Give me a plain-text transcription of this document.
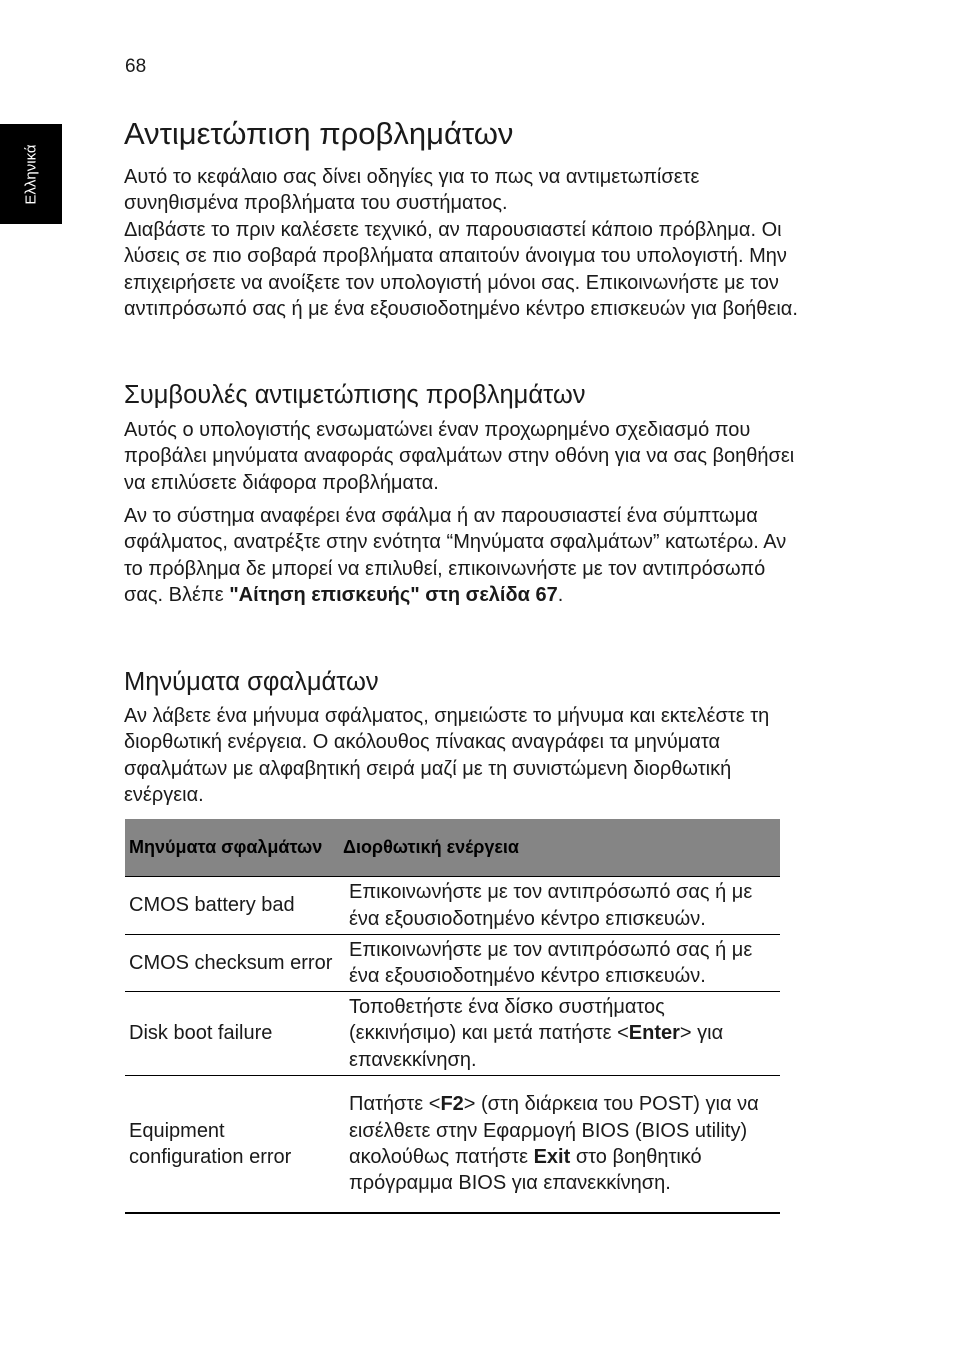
68
Ελληνικά
Αντιμετώπιση προβλημάτων

Αυτό το κεφάλαιο σας δίνει οδηγίες για το πως να αντιμετωπίσετε συνηθισμένα προβλήματα του συστήματος.
Διαβάστε το πριν καλέσετε τεχνικό, αν παρουσιαστεί κάποιο πρόβλημα. Οι λύσεις σε πιο σοβαρά προβλήματα απαιτούν άνοιγμα του υπολογιστή. Μην επιχειρήσετε να ανοίξετε τον υπολογιστή μόνοι σας. Επικοινωνήστε με τον αντιπρόσωπό σας ή με ένα εξουσιοδοτημένο κέντρο επισκευών για βοήθεια.

Συμβουλές αντιμετώπισης προβλημάτων

Αυτός ο υπολογιστής ενσωματώνει έναν προχωρημένο σχεδιασμό που προβάλει μηνύματα αναφοράς σφαλμάτων στην οθόνη για να σας βοηθήσει να επιλύσετε διάφορα προβλήματα.

Αν το σύστημα αναφέρει ένα σφάλμα ή αν παρουσιαστεί ένα σύμπτωμα σφάλματος, ανατρέξτε στην ενότητα “Μηνύματα σφαλμάτων” κατωτέρω. Αν το πρόβλημα δε μπορεί να επιλυθεί, επικοινωνήστε με τον αντιπρόσωπό σας. Βλέπε "Αίτηση επισκευής" στη σελίδα 67.

Μηνύματα σφαλμάτων

Αν λάβετε ένα μήνυμα σφάλματος, σημειώστε το μήνυμα και εκτελέστε τη διορθωτική ενέργεια. Ο ακόλουθος πίνακας αναγράφει τα μηνύματα σφαλμάτων με αλφαβητική σειρά μαζί με τη συνιστώμενη διορθωτική ενέργεια.

Μηνύματα σφαλμάτων	Διορθωτική ενέργεια
CMOS battery bad	Επικοινωνήστε με τον αντιπρόσωπό σας ή με ένα εξουσιοδοτημένο κέντρο επισκευών.
CMOS checksum error	Επικοινωνήστε με τον αντιπρόσωπό σας ή με ένα εξουσιοδοτημένο κέντρο επισκευών.
Disk boot failure	Τοποθετήστε ένα δίσκο συστήματος (εκκινήσιμο) και μετά πατήστε <Enter> για επανεκκίνηση.
Equipment configuration error	Πατήστε <F2> (στη διάρκεια του POST) για να εισέλθετε στην Εφαρμογή BIOS (BIOS utility) ακολούθως πατήστε Exit στο βοηθητικό πρόγραμμα BIOS για επανεκκίνηση.
